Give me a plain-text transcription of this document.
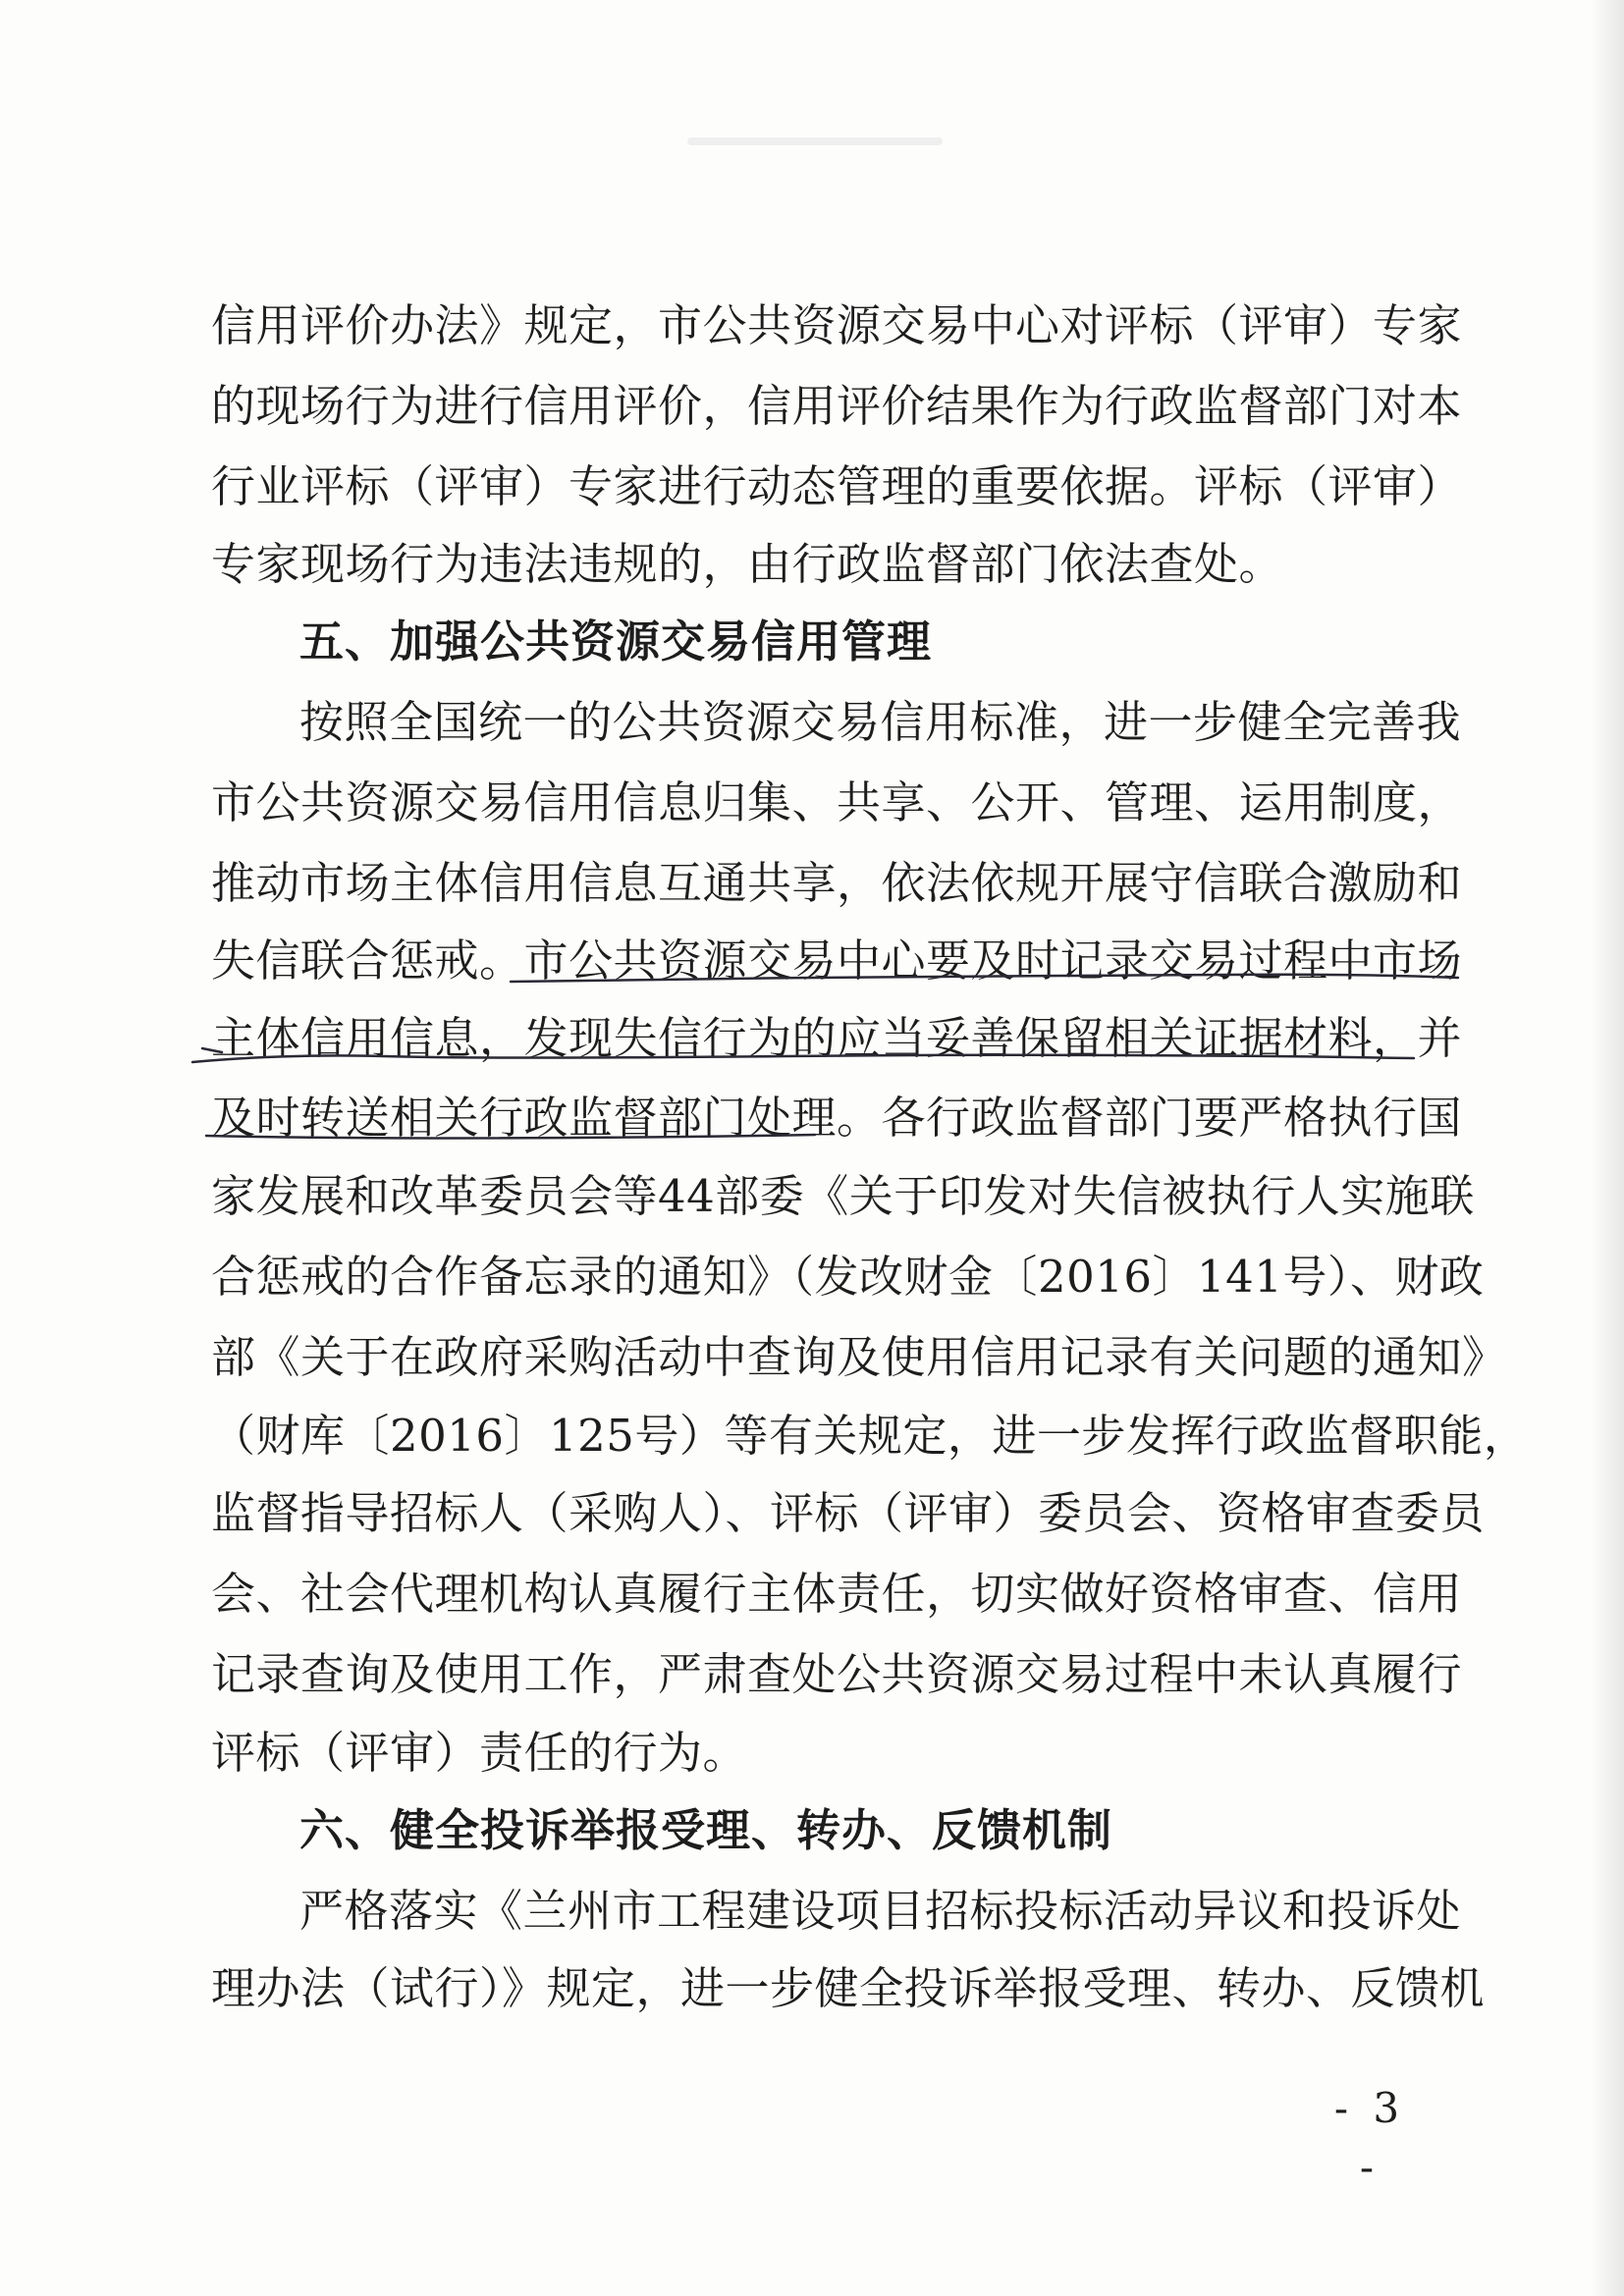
信用评价办法》规定，市公共资源交易中心对评标（评审）专家
的现场行为进行信用评价，信用评价结果作为行政监督部门对本
行业评标（评审）专家进行动态管理的重要依据。评标（评审）
专家现场行为违法违规的，由行政监督部门依法查处。
五、加强公共资源交易信用管理
按照全国统一的公共资源交易信用标准，进一步健全完善我
市公共资源交易信用信息归集、共享、公开、管理、运用制度，
推动市场主体信用信息互通共享，依法依规开展守信联合激励和
失信联合惩戒。市公共资源交易中心要及时记录交易过程中市场
主体信用信息，发现失信行为的应当妥善保留相关证据材料，并
及时转送相关行政监督部门处理。各行政监督部门要严格执行国
家发展和改革委员会等44部委《关于印发对失信被执行人实施联
合惩戒的合作备忘录的通知》（发改财金〔2016〕141号）、财政
部《关于在政府采购活动中查询及使用信用记录有关问题的通知》
（财库〔2016〕125号）等有关规定，进一步发挥行政监督职能，
监督指导招标人（采购人）、评标（评审）委员会、资格审查委员
会、社会代理机构认真履行主体责任，切实做好资格审查、信用
记录查询及使用工作，严肃查处公共资源交易过程中未认真履行
评标（评审）责任的行为。
六、健全投诉举报受理、转办、反馈机制
严格落实《兰州市工程建设项目招标投标活动异议和投诉处
理办法（试行）》规定，进一步健全投诉举报受理、转办、反馈机
- 3 -
